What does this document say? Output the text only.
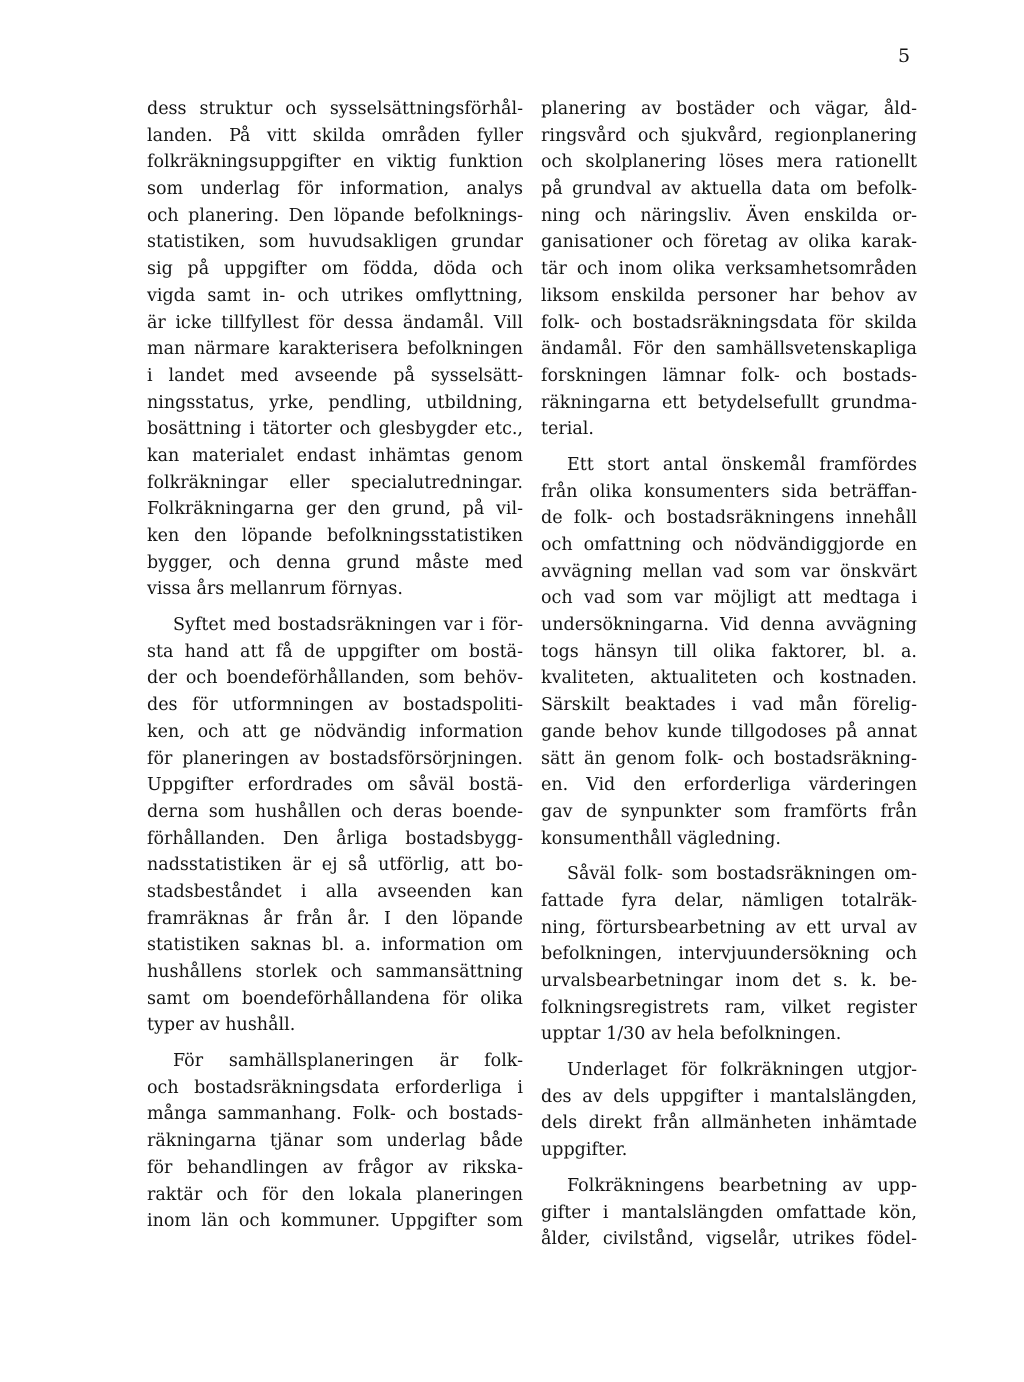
5
dess struktur och sysselsättningsförhål-
landen. På vitt skilda områden fyller
folkräkningsuppgifter en viktig funktion
som underlag för information, analys
och planering. Den löpande befolknings-
statistiken, som huvudsakligen grundar
sig på uppgifter om födda, döda och
vigda samt in- och utrikes omflyttning,
är icke tillfyllest för dessa ändamål. Vill
man närmare karakterisera befolkningen
i landet med avseende på sysselsätt-
ningsstatus, yrke, pendling, utbildning,
bosättning i tätorter och glesbygder etc.,
kan materialet endast inhämtas genom
folkräkningar eller specialutredningar.
Folkräkningarna ger den grund, på vil-
ken den löpande befolkningsstatistiken
bygger, och denna grund måste med
vissa års mellanrum förnyas.
Syftet med bostadsräkningen var i för-
sta hand att få de uppgifter om bostä-
der och boendeförhållanden, som behöv-
des för utformningen av bostadspoliti-
ken, och att ge nödvändig information
för planeringen av bostadsförsörjningen.
Uppgifter erfordrades om såväl bostä-
derna som hushållen och deras boende-
förhållanden. Den årliga bostadsbygg-
nadsstatistiken är ej så utförlig, att bo-
stadsbeståndet i alla avseenden kan
framräknas år från år. I den löpande
statistiken saknas bl. a. information om
hushållens storlek och sammansättning
samt om boendeförhållandena för olika
typer av hushåll.
För samhällsplaneringen är folk-
och bostadsräkningsdata erforderliga i
många sammanhang. Folk- och bostads-
räkningarna tjänar som underlag både
för behandlingen av frågor av rikska-
raktär och för den lokala planeringen
inom län och kommuner. Uppgifter som
planering av bostäder och vägar, åld-
ringsvård och sjukvård, regionplanering
och skolplanering löses mera rationellt
på grundval av aktuella data om befolk-
ning och näringsliv. Även enskilda or-
ganisationer och företag av olika karak-
tär och inom olika verksamhetsområden
liksom enskilda personer har behov av
folk- och bostadsräkningsdata för skilda
ändamål. För den samhällsvetenskapliga
forskningen lämnar folk- och bostads-
räkningarna ett betydelsefullt grundma-
terial.
Ett stort antal önskemål framfördes
från olika konsumenters sida beträffan-
de folk- och bostadsräkningens innehåll
och omfattning och nödvändiggjorde en
avvägning mellan vad som var önskvärt
och vad som var möjligt att medtaga i
undersökningarna. Vid denna avvägning
togs hänsyn till olika faktorer, bl. a.
kvaliteten, aktualiteten och kostnaden.
Särskilt beaktades i vad mån förelig-
gande behov kunde tillgodoses på annat
sätt än genom folk- och bostadsräkning-
en. Vid den erforderliga värderingen
gav de synpunkter som framförts från
konsumenthåll vägledning.
Såväl folk- som bostadsräkningen om-
fattade fyra delar, nämligen totalräk-
ning, förtursbearbetning av ett urval av
befolkningen, intervjuundersökning och
urvalsbearbetningar inom det s. k. be-
folkningsregistrets ram, vilket register
upptar 1/30 av hela befolkningen.
Underlaget för folkräkningen utgjor-
des av dels uppgifter i mantalslängden,
dels direkt från allmänheten inhämtade
uppgifter.
Folkräkningens bearbetning av upp-
gifter i mantalslängden omfattade kön,
ålder, civilstånd, vigselår, utrikes födel-
